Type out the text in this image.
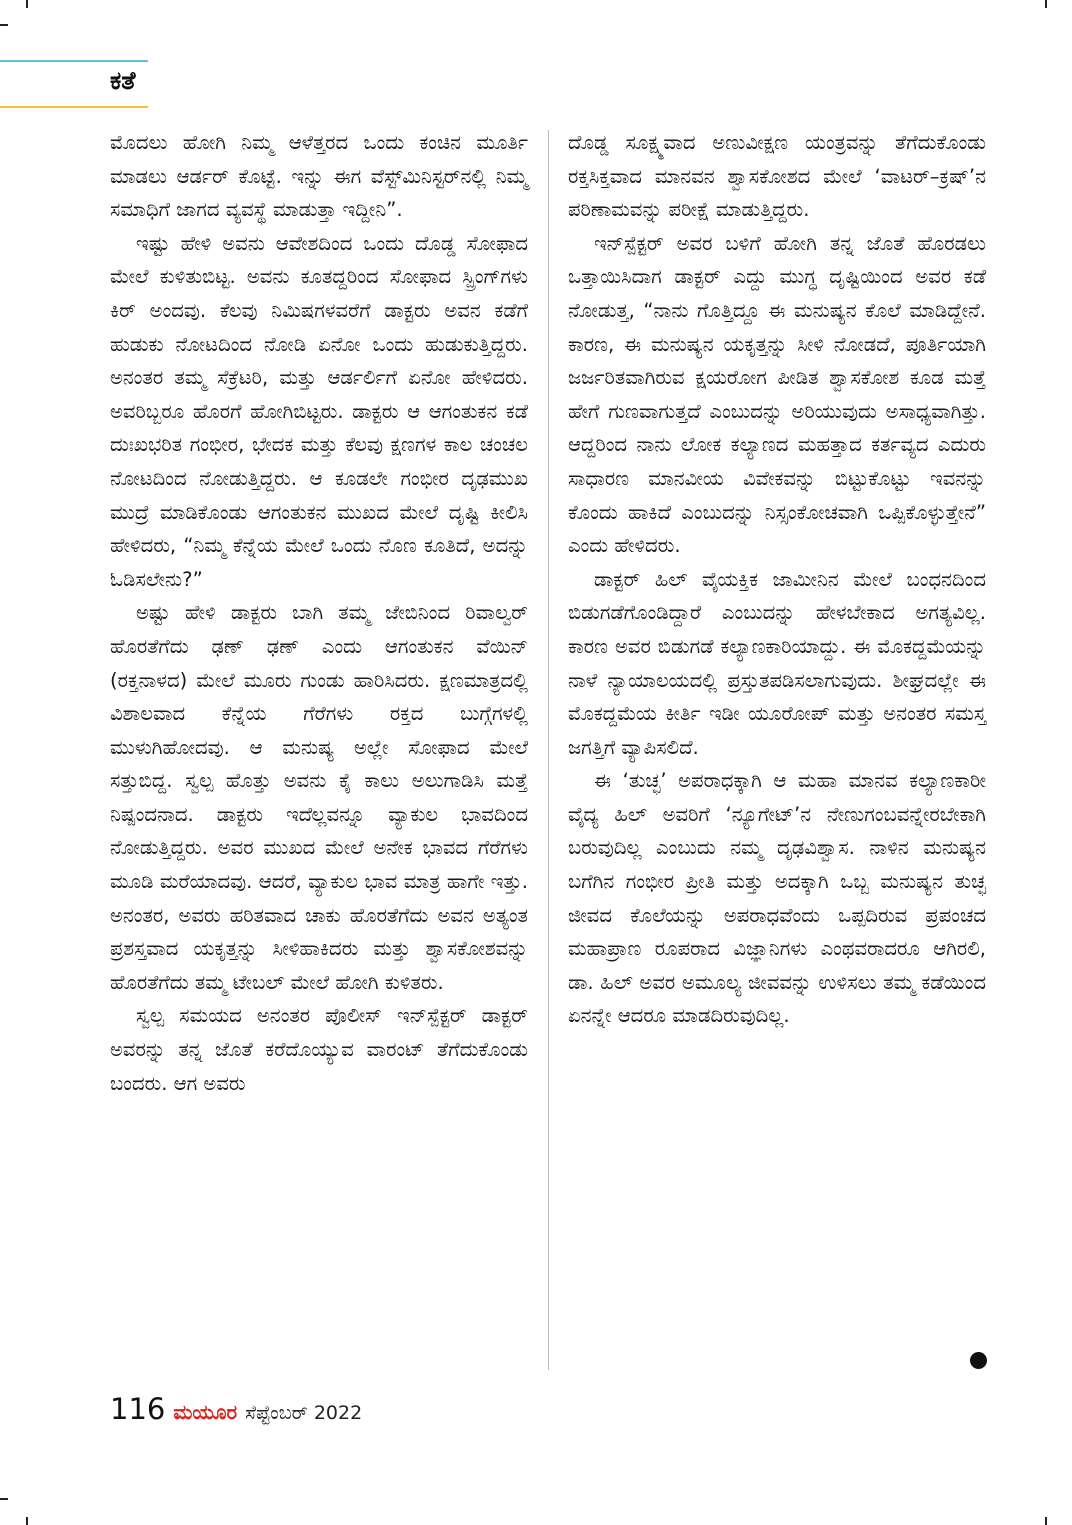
ಕತೆ

ಮೊದಲು ಹೋಗಿ ನಿಮ್ಮ ಆಳೆತ್ತರದ ಒಂದು ಕಂಚಿನ ಮೂರ್ತಿ ಮಾಡಲು ಆರ್ಡರ್ ಕೊಟ್ಟೆ. ಇನ್ನು ಈಗ ವೆಸ್ಟ್‌ಮಿನಿಸ್ಟರ್‌ನಲ್ಲಿ ನಿಮ್ಮ ಸಮಾಧಿಗೆ ಜಾಗದ ವ್ಯವಸ್ಥೆ ಮಾಡುತ್ತಾ ಇದ್ದೀನಿ”.

ಇಷ್ಟು ಹೇಳಿ ಅವನು ಆವೇಶದಿಂದ ಒಂದು ದೊಡ್ಡ ಸೋಫಾದ ಮೇಲೆ ಕುಳಿತುಬಿಟ್ಟ. ಅವನು ಕೂತದ್ದರಿಂದ ಸೋಫಾದ ಸ್ಪ್ರಿಂಗ್‌ಗಳು ಕಿರ್ ಅಂದವು. ಕೆಲವು ನಿಮಿಷಗಳವರೆಗೆ ಡಾಕ್ಟರು ಅವನ ಕಡೆಗೆ ಹುಡುಕು ನೋಟದಿಂದ ನೋಡಿ ಏನೋ ಒಂದು ಹುಡುಕುತ್ತಿದ್ದರು. ಅನಂತರ ತಮ್ಮ ಸೆಕ್ರೆಟರಿ, ಮತ್ತು ಆರ್ಡರ್ಲಿಗೆ ಏನೋ ಹೇಳಿದರು. ಅವರಿಬ್ಬರೂ ಹೊರಗೆ ಹೋಗಿಬಿಟ್ಟರು. ಡಾಕ್ಟರು ಆ ಆಗಂತುಕನ ಕಡೆ ದುಃಖಭರಿತ ಗಂಭೀರ, ಭೇದಕ ಮತ್ತು ಕೆಲವು ಕ್ಷಣಗಳ ಕಾಲ ಚಂಚಲ ನೋಟದಿಂದ ನೋಡುತ್ತಿದ್ದರು. ಆ ಕೂಡಲೇ ಗಂಭೀರ ದೃಢಮುಖ ಮುದ್ರೆ ಮಾಡಿಕೊಂಡು ಆಗಂತುಕನ ಮುಖದ ಮೇಲೆ ದೃಷ್ಟಿ ಕೀಲಿಸಿ ಹೇಳಿದರು, “ನಿಮ್ಮ ಕೆನ್ನೆಯ ಮೇಲೆ ಒಂದು ನೊಣ ಕೂತಿದೆ, ಅದನ್ನು ಓಡಿಸಲೇನು?”

ಅಷ್ಟು ಹೇಳಿ ಡಾಕ್ಟರು ಬಾಗಿ ತಮ್ಮ ಜೇಬಿನಿಂದ ರಿವಾಲ್ವರ್ ಹೊರತೆಗೆದು ಢಣ್ ಢಣ್ ಎಂದು ಆಗಂತುಕನ ವೆಯಿನ್ (ರಕ್ತನಾಳದ) ಮೇಲೆ ಮೂರು ಗುಂಡು ಹಾರಿಸಿದರು. ಕ್ಷಣಮಾತ್ರದಲ್ಲಿ ವಿಶಾಲವಾದ ಕೆನ್ನೆಯ ಗೆರೆಗಳು ರಕ್ತದ ಬುಗ್ಗೆಗಳಲ್ಲಿ ಮುಳುಗಿಹೋದವು. ಆ ಮನುಷ್ಯ ಅಲ್ಲೇ ಸೋಫಾದ ಮೇಲೆ ಸತ್ತುಬಿದ್ದ. ಸ್ವಲ್ಪ ಹೊತ್ತು ಅವನು ಕೈ ಕಾಲು ಅಲುಗಾಡಿಸಿ ಮತ್ತೆ ನಿಷ್ಪಂದನಾದ. ಡಾಕ್ಟರು ಇದೆಲ್ಲವನ್ನೂ ವ್ಯಾಕುಲ ಭಾವದಿಂದ ನೋಡುತ್ತಿದ್ದರು. ಅವರ ಮುಖದ ಮೇಲೆ ಅನೇಕ ಭಾವದ ಗೆರೆಗಳು ಮೂಡಿ ಮರೆಯಾದವು. ಆದರೆ, ವ್ಯಾಕುಲ ಭಾವ ಮಾತ್ರ ಹಾಗೇ ಇತ್ತು. ಅನಂತರ, ಅವರು ಹರಿತವಾದ ಚಾಕು ಹೊರತೆಗೆದು ಅವನ ಅತ್ಯಂತ ಪ್ರಶಸ್ತವಾದ ಯಕೃತ್ತನ್ನು ಸೀಳಿಹಾಕಿದರು ಮತ್ತು ಶ್ವಾಸಕೋಶವನ್ನು ಹೊರತೆಗೆದು ತಮ್ಮ ಟೇಬಲ್ ಮೇಲೆ ಹೋಗಿ ಕುಳಿತರು.

ಸ್ವಲ್ಪ ಸಮಯದ ಅನಂತರ ಪೊಲೀಸ್ ಇನ್‌ಸ್ಪೆಕ್ಟರ್ ಡಾಕ್ಟರ್ ಅವರನ್ನು ತನ್ನ ಜೊತೆ ಕರೆದೊಯ್ಯುವ ವಾರಂಟ್ ತೆಗೆದುಕೊಂಡು ಬಂದರು. ಆಗ ಅವರು

ದೊಡ್ಡ ಸೂಕ್ಷ್ಮವಾದ ಅಣುವೀಕ್ಷಣ ಯಂತ್ರವನ್ನು ತೆಗೆದುಕೊಂಡು ರಕ್ತಸಿಕ್ತವಾದ ಮಾನವನ ಶ್ವಾಸಕೋಶದ ಮೇಲೆ ‘ವಾಟರ್–ಕ್ರಷ್’ನ ಪರಿಣಾಮವನ್ನು ಪರೀಕ್ಷೆ ಮಾಡುತ್ತಿದ್ದರು.

ಇನ್‌ಸ್ಪೆಕ್ಟರ್ ಅವರ ಬಳಿಗೆ ಹೋಗಿ ತನ್ನ ಜೊತೆ ಹೊರಡಲು ಒತ್ತಾಯಿಸಿದಾಗ ಡಾಕ್ಟರ್ ಎದ್ದು ಮುಗ್ಧ ದೃಷ್ಟಿಯಿಂದ ಅವರ ಕಡೆ ನೋಡುತ್ತ, “ನಾನು ಗೊತ್ತಿದ್ದೂ ಈ ಮನುಷ್ಯನ ಕೊಲೆ ಮಾಡಿದ್ದೇನೆ. ಕಾರಣ, ಈ ಮನುಷ್ಯನ ಯಕೃತ್ತನ್ನು ಸೀಳಿ ನೋಡದೆ, ಪೂರ್ತಿಯಾಗಿ ಜರ್ಜರಿತವಾಗಿರುವ ಕ್ಷಯರೋಗ ಪೀಡಿತ ಶ್ವಾಸಕೋಶ ಕೂಡ ಮತ್ತೆ ಹೇಗೆ ಗುಣವಾಗುತ್ತದೆ ಎಂಬುದನ್ನು ಅರಿಯುವುದು ಅಸಾಧ್ಯವಾಗಿತ್ತು. ಆದ್ದರಿಂದ ನಾನು ಲೋಕ ಕಲ್ಯಾಣದ ಮಹತ್ತಾದ ಕರ್ತವ್ಯದ ಎದುರು ಸಾಧಾರಣ ಮಾನವೀಯ ವಿವೇಕವನ್ನು ಬಿಟ್ಟುಕೊಟ್ಟು ಇವನನ್ನು ಕೊಂದು ಹಾಕಿದೆ ಎಂಬುದನ್ನು ನಿಸ್ಸಂಕೋಚವಾಗಿ ಒಪ್ಪಿಕೊಳ್ಳುತ್ತೇನೆ” ಎಂದು ಹೇಳಿದರು.

ಡಾಕ್ಟರ್ ಹಿಲ್ ವೈಯಕ್ತಿಕ ಜಾಮೀನಿನ ಮೇಲೆ ಬಂಧನದಿಂದ ಬಿಡುಗಡೆಗೊಂಡಿದ್ದಾರೆ ಎಂಬುದನ್ನು ಹೇಳಬೇಕಾದ ಅಗತ್ಯವಿಲ್ಲ. ಕಾರಣ ಅವರ ಬಿಡುಗಡೆ ಕಲ್ಯಾಣಕಾರಿಯಾದ್ದು. ಈ ಮೊಕದ್ದಮೆಯನ್ನು ನಾಳೆ ನ್ಯಾಯಾಲಯದಲ್ಲಿ ಪ್ರಸ್ತುತಪಡಿಸಲಾಗುವುದು. ಶೀಘ್ರದಲ್ಲೇ ಈ ಮೊಕದ್ದಮೆಯ ಕೀರ್ತಿ ಇಡೀ ಯೂರೋಪ್ ಮತ್ತು ಅನಂತರ ಸಮಸ್ತ ಜಗತ್ತಿಗೆ ವ್ಯಾಪಿಸಲಿದೆ.

ಈ ‘ತುಚ್ಛ’ ಅಪರಾಧಕ್ಕಾಗಿ ಆ ಮಹಾ ಮಾನವ ಕಲ್ಯಾಣಕಾರೀ ವೈದ್ಯ ಹಿಲ್ ಅವರಿಗೆ ‘ನ್ಯೂಗೇಟ್’ನ ನೇಣುಗಂಬವನ್ನೇರಬೇಕಾಗಿ ಬರುವುದಿಲ್ಲ ಎಂಬುದು ನಮ್ಮ ದೃಢವಿಶ್ವಾಸ. ನಾಳಿನ ಮನುಷ್ಯನ ಬಗೆಗಿನ ಗಂಭೀರ ಪ್ರೀತಿ ಮತ್ತು ಅದಕ್ಕಾಗಿ ಒಬ್ಬ ಮನುಷ್ಯನ ತುಚ್ಛ ಜೀವದ ಕೊಲೆಯನ್ನು ಅಪರಾಧವೆಂದು ಒಪ್ಪದಿರುವ ಪ್ರಪಂಚದ ಮಹಾಪ್ರಾಣ ರೂಪರಾದ ವಿಜ್ಞಾನಿಗಳು ಎಂಥವರಾದರೂ ಆಗಿರಲಿ, ಡಾ. ಹಿಲ್ ಅವರ ಅಮೂಲ್ಯ ಜೀವವನ್ನು ಉಳಿಸಲು ತಮ್ಮ ಕಡೆಯಿಂದ ಏನನ್ನೇ ಆದರೂ ಮಾಡದಿರುವುದಿಲ್ಲ.

116 ಮಯೂರ ಸೆಪ್ಟೆಂಬರ್ 2022
